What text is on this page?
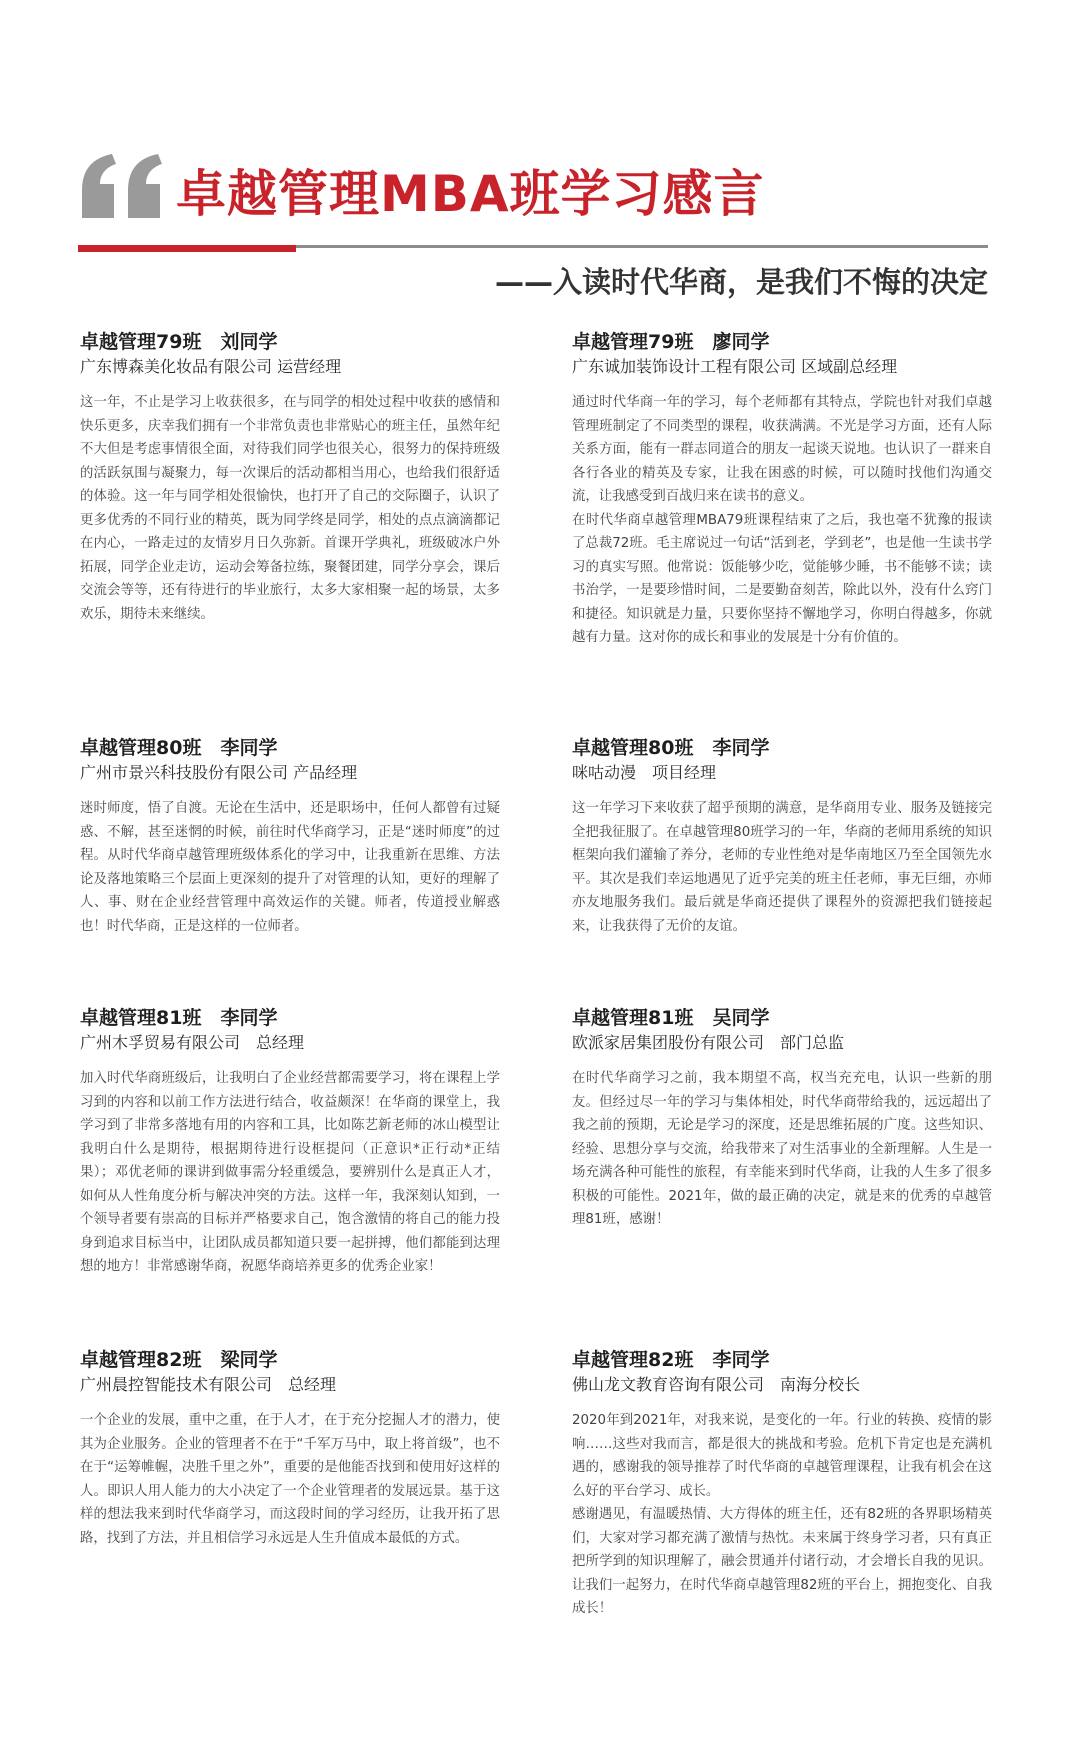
卓越管理MBA班学习感言
——入读时代华商，是我们不悔的决定
卓越管理79班　刘同学
广东博森美化妆品有限公司 运营经理

这一年，不止是学习上收获很多，在与同学的相处过程中收获的感情和快乐更多，庆幸我们拥有一个非常负责也非常贴心的班主任，虽然年纪不大但是考虑事情很全面，对待我们同学也很关心，很努力的保持班级的活跃氛围与凝聚力，每一次课后的活动都相当用心，也给我们很舒适的体验。这一年与同学相处很愉快，也打开了自己的交际圈子，认识了更多优秀的不同行业的精英，既为同学终是同学，相处的点点滴滴都记在内心，一路走过的友情岁月日久弥新。首课开学典礼，班级破冰户外拓展，同学企业走访，运动会筹备拉练，聚餐团建，同学分享会，课后交流会等等，还有待进行的毕业旅行，太多大家相聚一起的场景，太多欢乐，期待未来继续。

卓越管理79班　廖同学
广东诚加装饰设计工程有限公司 区域副总经理

通过时代华商一年的学习，每个老师都有其特点，学院也针对我们卓越管理班制定了不同类型的课程，收获满满。不光是学习方面，还有人际关系方面，能有一群志同道合的朋友一起谈天说地。也认识了一群来自各行各业的精英及专家，让我在困惑的时候，可以随时找他们沟通交流，让我感受到百战归来在读书的意义。

在时代华商卓越管理MBA79班课程结束了之后，我也毫不犹豫的报读了总裁72班。毛主席说过一句话“活到老，学到老”，也是他一生读书学习的真实写照。他常说：饭能够少吃，觉能够少睡，书不能够不读；读书治学，一是要珍惜时间，二是要勤奋刻苦，除此以外，没有什么窍门和捷径。知识就是力量，只要你坚持不懈地学习，你明白得越多，你就越有力量。这对你的成长和事业的发展是十分有价值的。

卓越管理80班　李同学
广州市景兴科技股份有限公司 产品经理

迷时师度，悟了自渡。无论在生活中，还是职场中，任何人都曾有过疑惑、不解，甚至迷惘的时候，前往时代华商学习，正是“迷时师度”的过程。从时代华商卓越管理班级体系化的学习中，让我重新在思维、方法论及落地策略三个层面上更深刻的提升了对管理的认知，更好的理解了人、事、财在企业经营管理中高效运作的关键。师者，传道授业解惑也！时代华商，正是这样的一位师者。

卓越管理80班　李同学
咪咕动漫　项目经理

这一年学习下来收获了超乎预期的满意，是华商用专业、服务及链接完全把我征服了。在卓越管理80班学习的一年，华商的老师用系统的知识框架向我们灌输了养分，老师的专业性绝对是华南地区乃至全国领先水平。其次是我们幸运地遇见了近乎完美的班主任老师，事无巨细，亦师亦友地服务我们。最后就是华商还提供了课程外的资源把我们链接起来，让我获得了无价的友谊。

卓越管理81班　李同学
广州木孚贸易有限公司　总经理

加入时代华商班级后，让我明白了企业经营都需要学习，将在课程上学习到的内容和以前工作方法进行结合，收益颇深！在华商的课堂上，我学习到了非常多落地有用的内容和工具，比如陈艺新老师的冰山模型让我明白什么是期待，根据期待进行设框提问（正意识*正行动*正结果）；邓优老师的课讲到做事需分轻重缓急，要辨别什么是真正人才，如何从人性角度分析与解决冲突的方法。这样一年，我深刻认知到，一个领导者要有崇高的目标并严格要求自己，饱含激情的将自己的能力投身到追求目标当中，让团队成员都知道只要一起拼搏，他们都能到达理想的地方！非常感谢华商，祝愿华商培养更多的优秀企业家！

卓越管理81班　吴同学
欧派家居集团股份有限公司　部门总监

在时代华商学习之前，我本期望不高，权当充充电，认识一些新的朋友。但经过尽一年的学习与集体相处，时代华商带给我的，远远超出了我之前的预期，无论是学习的深度，还是思维拓展的广度。这些知识、经验、思想分享与交流，给我带来了对生活事业的全新理解。人生是一场充满各种可能性的旅程，有幸能来到时代华商，让我的人生多了很多积极的可能性。2021年，做的最正确的决定，就是来的优秀的卓越管理81班，感谢！

卓越管理82班　梁同学
广州晨控智能技术有限公司　总经理

一个企业的发展，重中之重，在于人才，在于充分挖掘人才的潜力，使其为企业服务。企业的管理者不在于“千军万马中，取上将首级”，也不在于“运筹帷幄，决胜千里之外”，重要的是他能否找到和使用好这样的人。即识人用人能力的大小决定了一个企业管理者的发展远景。基于这样的想法我来到时代华商学习，而这段时间的学习经历，让我开拓了思路，找到了方法，并且相信学习永远是人生升值成本最低的方式。

卓越管理82班　李同学
佛山龙文教育咨询有限公司　南海分校长

2020年到2021年，对我来说，是变化的一年。行业的转换、疫情的影响……这些对我而言，都是很大的挑战和考验。危机下肯定也是充满机遇的，感谢我的领导推荐了时代华商的卓越管理课程，让我有机会在这么好的平台学习、成长。

感谢遇见，有温暖热情、大方得体的班主任，还有82班的各界职场精英们，大家对学习都充满了激情与热忱。未来属于终身学习者，只有真正把所学到的知识理解了，融会贯通并付诸行动，才会增长自我的见识。让我们一起努力，在时代华商卓越管理82班的平台上，拥抱变化、自我成长！
